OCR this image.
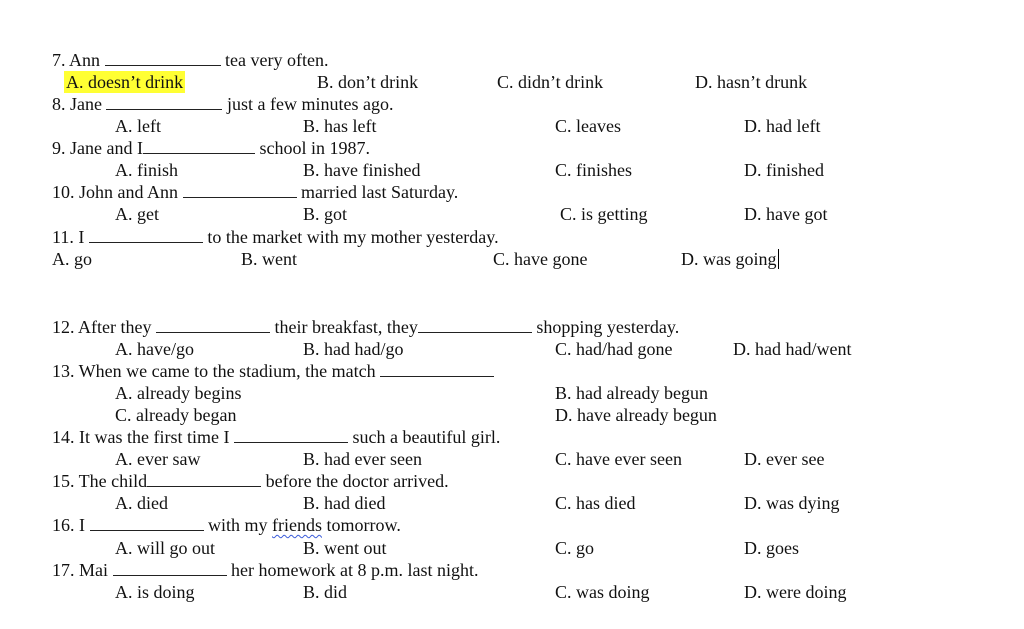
7. Ann	tea very often.
A. doesn’t drink	B. don’t drink	C. didn’t drink	D. hasn’t drunk
8. Jane	just a few minutes ago.
A. left	B. has left	C. leaves	D. had left
9. Jane and I	school in 1987.
A. finish	B. have finished	C. finishes	D. finished
10. John and Ann	married last Saturday.
A. get	B. got	C. is getting	D. have got
11. I	to the market with my mother yesterday.
A. go	B. went	C. have gone	D. was going
12. After they	their breakfast, they	shopping yesterday.
A. have/go	B. had had/go	C. had/had gone	D. had had/went
13. When we came to the stadium, the match
A. already begins	B. had already begun
C. already began	D. have already begun
14. It was the first time I	such a beautiful girl.
A. ever saw	B. had ever seen	C. have ever seen	D. ever see
15. The child	before the doctor arrived.
A. died	B. had died	C. has died	D. was dying
16. I	with my friends tomorrow.
A. will go out	B. went out	C. go	D. goes
17. Mai	her homework at 8 p.m. last night.
A. is doing	B. did	C. was doing	D. were doing
